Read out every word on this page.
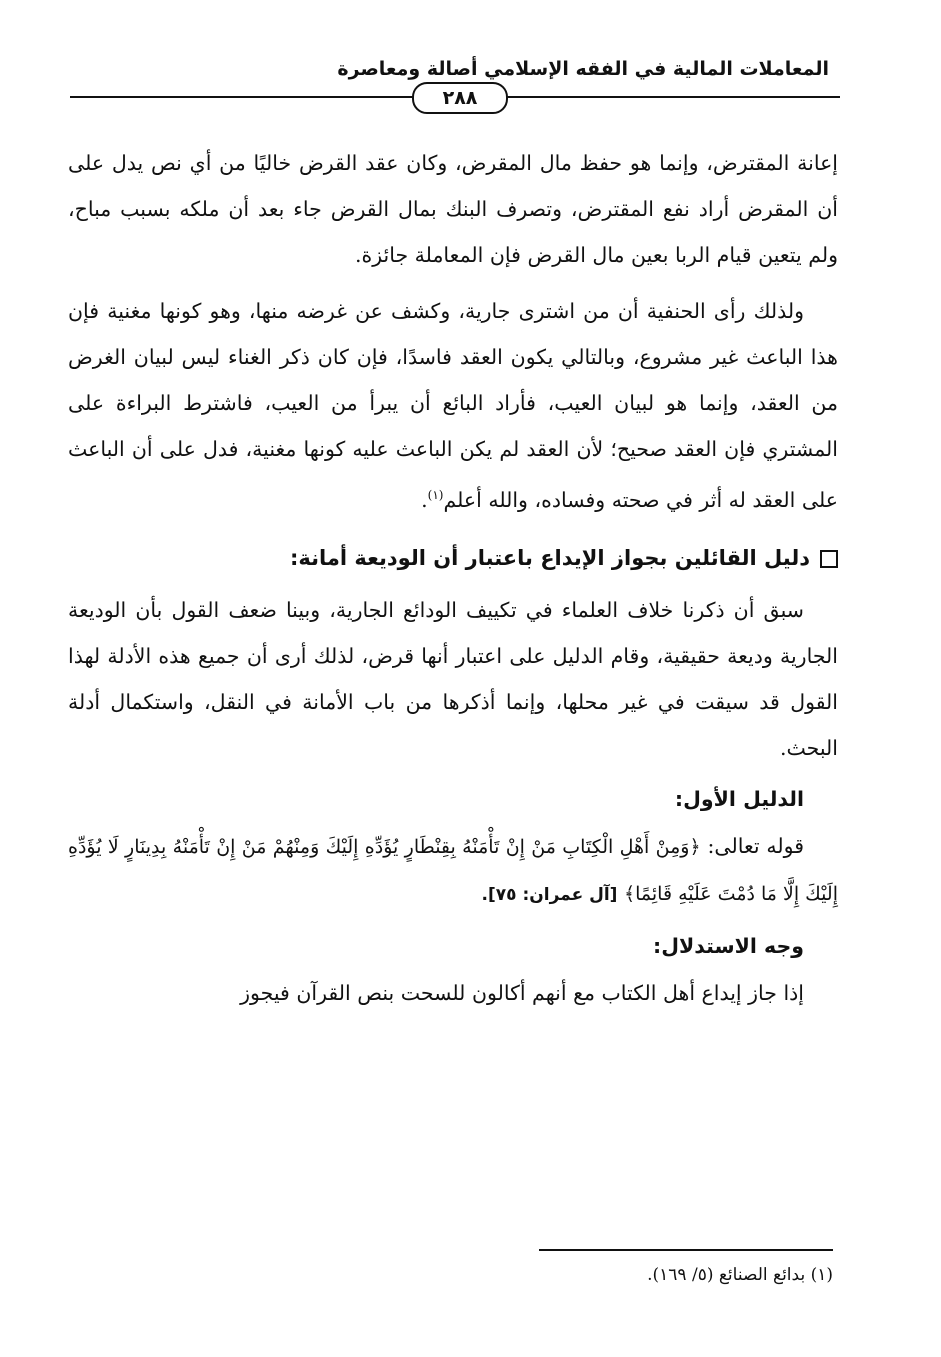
المعاملات المالية في الفقه الإسلامي أصالة ومعاصرة
٢٨٨

إعانة المقترض، وإنما هو حفظ مال المقرض، وكان عقد القرض خاليًا من أي نص يدل على أن المقرض أراد نفع المقترض، وتصرف البنك بمال القرض جاء بعد أن ملكه بسبب مباح، ولم يتعين قيام الربا بعين مال القرض فإن المعاملة جائزة.

ولذلك رأى الحنفية أن من اشترى جارية، وكشف عن غرضه منها، وهو كونها مغنية فإن هذا الباعث غير مشروع، وبالتالي يكون العقد فاسدًا، فإن كان ذكر الغناء ليس لبيان الغرض من العقد، وإنما هو لبيان العيب، فأراد البائع أن يبرأ من العيب، فاشترط البراءة على المشتري فإن العقد صحيح؛ لأن العقد لم يكن الباعث عليه كونها مغنية، فدل على أن الباعث على العقد له أثر في صحته وفساده، والله أعلم$^{(١)}$.

دليل القائلين بجواز الإيداع باعتبار أن الوديعة أمانة:

سبق أن ذكرنا خلاف العلماء في تكييف الودائع الجارية، وبينا ضعف القول بأن الوديعة الجارية وديعة حقيقية، وقام الدليل على اعتبار أنها قرض، لذلك أرى أن جميع هذه الأدلة لهذا القول قد سيقت في غير محلها، وإنما أذكرها من باب الأمانة في النقل، واستكمال أدلة البحث.

الدليل الأول:

قوله تعالى: ﴿وَمِنْ أَهْلِ الْكِتَابِ مَنْ إِنْ تَأْمَنْهُ بِقِنْطَارٍ يُؤَدِّهِ إِلَيْكَ وَمِنْهُمْ مَنْ إِنْ تَأْمَنْهُ بِدِينَارٍ لَا يُؤَدِّهِ إِلَيْكَ إِلَّا مَا دُمْتَ عَلَيْهِ قَائِمًا﴾ [آل عمران: ٧٥].

وجه الاستدلال:

إذا جاز إيداع أهل الكتاب مع أنهم أكالون للسحت بنص القرآن فيجوز

(١) بدائع الصنائع (٥/ ١٦٩).
